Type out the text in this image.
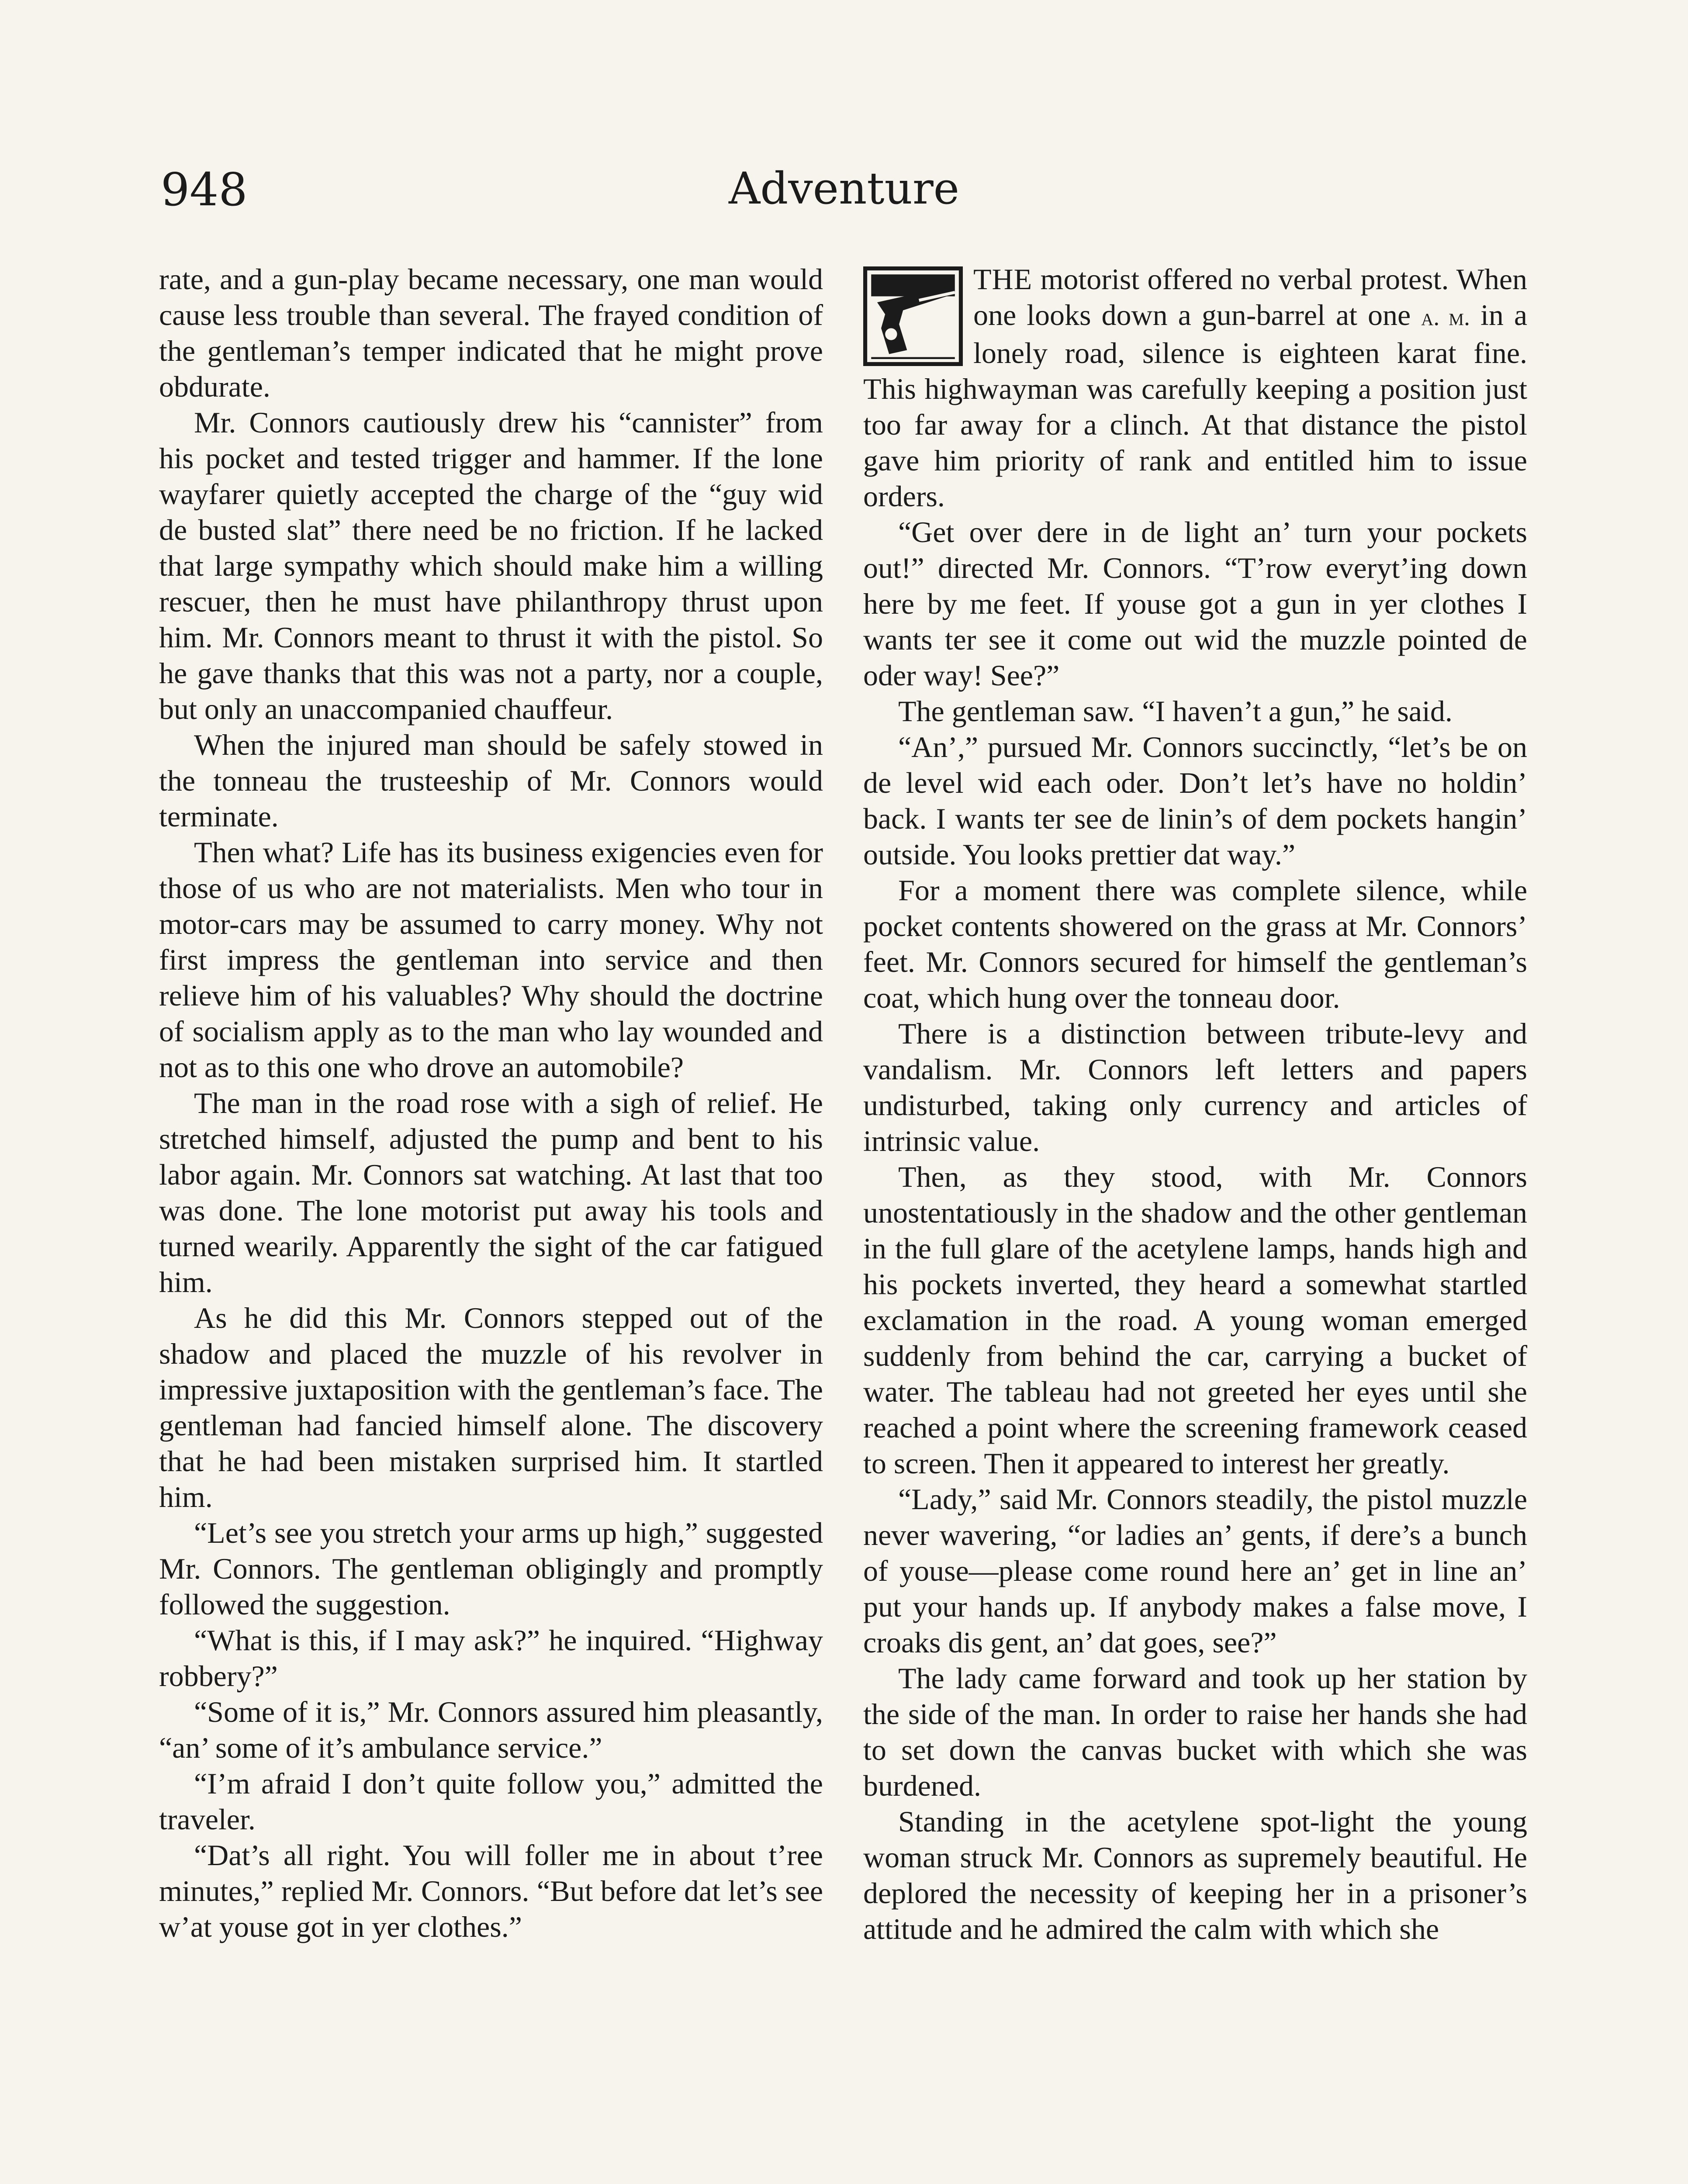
948	Adventure

rate, and a gun-play became necessary, one man would cause less trouble than several. The frayed condition of the gentleman’s temper indicated that he might prove obdurate.

Mr. Connors cautiously drew his “cannister” from his pocket and tested trigger and hammer. If the lone wayfarer quietly accepted the charge of the “guy wid de busted slat” there need be no friction. If he lacked that large sympathy which should make him a willing rescuer, then he must have philanthropy thrust upon him. Mr. Connors meant to thrust it with the pistol. So he gave thanks that this was not a party, nor a couple, but only an unaccompanied chauffeur.

When the injured man should be safely stowed in the tonneau the trusteeship of Mr. Connors would terminate.

Then what? Life has its business exigencies even for those of us who are not materialists. Men who tour in motor-cars may be assumed to carry money. Why not first impress the gentleman into service and then relieve him of his valuables? Why should the doctrine of socialism apply as to the man who lay wounded and not as to this one who drove an automobile?

The man in the road rose with a sigh of relief. He stretched himself, adjusted the pump and bent to his labor again. Mr. Connors sat watching. At last that too was done. The lone motorist put away his tools and turned wearily. Apparently the sight of the car fatigued him.

As he did this Mr. Connors stepped out of the shadow and placed the muzzle of his revolver in impressive juxtaposition with the gentleman’s face. The gentleman had fancied himself alone. The discovery that he had been mistaken surprised him. It startled him.

“Let’s see you stretch your arms up high,” suggested Mr. Connors. The gentleman obligingly and promptly followed the suggestion.

“What is this, if I may ask?” he inquired. “Highway robbery?”

“Some of it is,” Mr. Connors assured him pleasantly, “an’ some of it’s ambulance service.”

“I’m afraid I don’t quite follow you,” admitted the traveler.

“Dat’s all right. You will foller me in about t’ree minutes,” replied Mr. Connors. “But before dat let’s see w’at youse got in yer clothes.”

THE motorist offered no verbal protest. When one looks down a gun-barrel at one a. m. in a lonely road, silence is eighteen karat fine. This highwayman was carefully keeping a position just too far away for a clinch. At that distance the pistol gave him priority of rank and entitled him to issue orders.

“Get over dere in de light an’ turn your pockets out!” directed Mr. Connors. “T’row everyt’ing down here by me feet. If youse got a gun in yer clothes I wants ter see it come out wid the muzzle pointed de oder way! See?”

The gentleman saw. “I haven’t a gun,” he said.

“An’,” pursued Mr. Connors succinctly, “let’s be on de level wid each oder. Don’t let’s have no holdin’ back. I wants ter see de linin’s of dem pockets hangin’ outside. You looks prettier dat way.”

For a moment there was complete silence, while pocket contents showered on the grass at Mr. Connors’ feet. Mr. Connors secured for himself the gentleman’s coat, which hung over the tonneau door.

There is a distinction between tribute-levy and vandalism. Mr. Connors left letters and papers undisturbed, taking only currency and articles of intrinsic value.

Then, as they stood, with Mr. Connors unostentatiously in the shadow and the other gentleman in the full glare of the acetylene lamps, hands high and his pockets inverted, they heard a somewhat startled exclamation in the road. A young woman emerged suddenly from behind the car, carrying a bucket of water. The tableau had not greeted her eyes until she reached a point where the screening framework ceased to screen. Then it appeared to interest her greatly.

“Lady,” said Mr. Connors steadily, the pistol muzzle never wavering, “or ladies an’ gents, if dere’s a bunch of youse—please come round here an’ get in line an’ put your hands up. If anybody makes a false move, I croaks dis gent, an’ dat goes, see?”

The lady came forward and took up her station by the side of the man. In order to raise her hands she had to set down the canvas bucket with which she was burdened.

Standing in the acetylene spot-light the young woman struck Mr. Connors as supremely beautiful. He deplored the necessity of keeping her in a prisoner’s attitude and he admired the calm with which she
